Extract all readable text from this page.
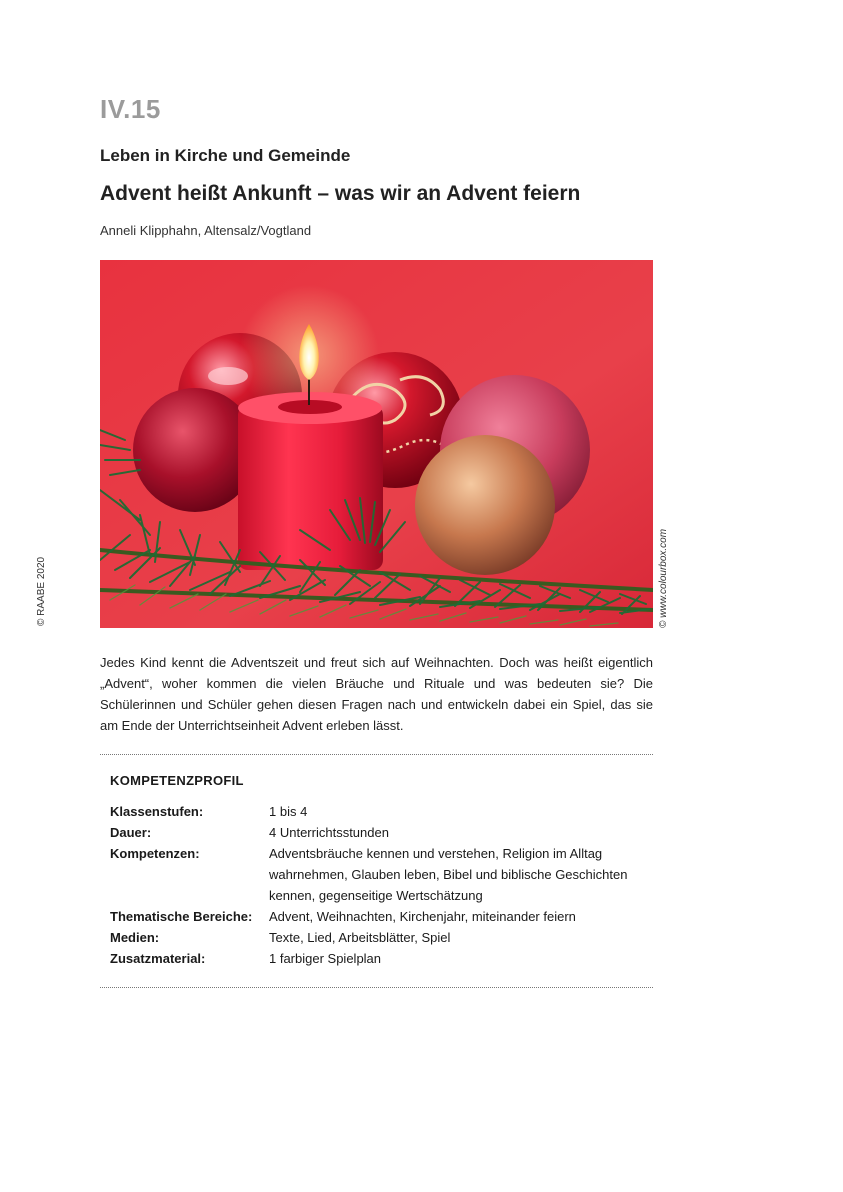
IV.15
Leben in Kirche und Gemeinde
Advent heißt Ankunft – was wir an Advent feiern
Anneli Klipphahn, Altensalz/Vogtland
© www.colourbox.com
© RAABE 2020

Jedes Kind kennt die Adventszeit und freut sich auf Weihnachten. Doch was heißt eigentlich „Advent“, woher kommen die vielen Bräuche und Rituale und was bedeuten sie? Die Schülerinnen und Schüler gehen diesen Fragen nach und entwickeln dabei ein Spiel, das sie am Ende der Unterrichtseinheit Advent erleben lässt.

KOMPETENZPROFIL
Klassenstufen:	1 bis 4
Dauer:	4 Unterrichtsstunden
Kompetenzen:	Adventsbräuche kennen und verstehen, Religion im Alltag wahrnehmen, Glauben leben, Bibel und biblische Geschichten kennen, gegenseitige Wertschätzung
Thematische Bereiche:	Advent, Weihnachten, Kirchenjahr, miteinander feiern
Medien:	Texte, Lied, Arbeitsblätter, Spiel
Zusatzmaterial:	1 farbiger Spielplan
